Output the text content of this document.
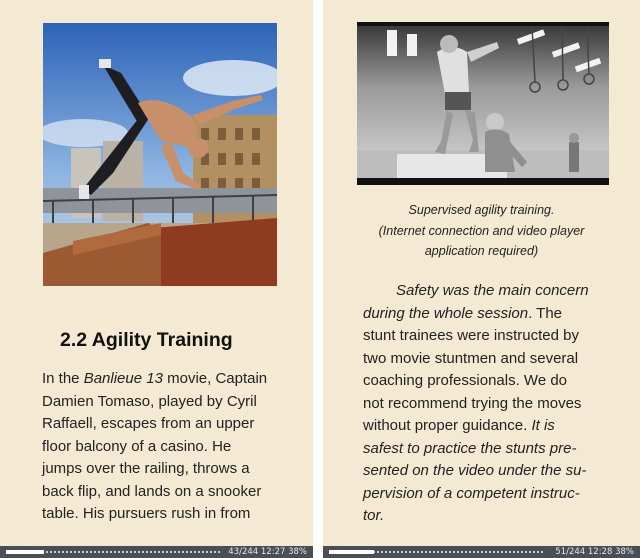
2.2 Agility Training
In the Banlieue 13 movie, Captain
Damien Tomaso, played by Cyril
Raffaell, escapes from an upper
floor balcony of a casino. He
jumps over the railing, throws a
back flip, and lands on a snooker
table. His pursuers rush in from
43/244 12:27 38%
Supervised agility training.
(Internet connection and video player
application required)
Safety was the main concern
during the whole session. The
stunt trainees were instructed by
two movie stuntmen and several
coaching professionals. We do
not recommend trying the moves
without proper guidance. It is
safest to practice the stunts pre-
sented on the video under the su-
pervision of a competent instruc-
tor.
51/244 12:28 38%
